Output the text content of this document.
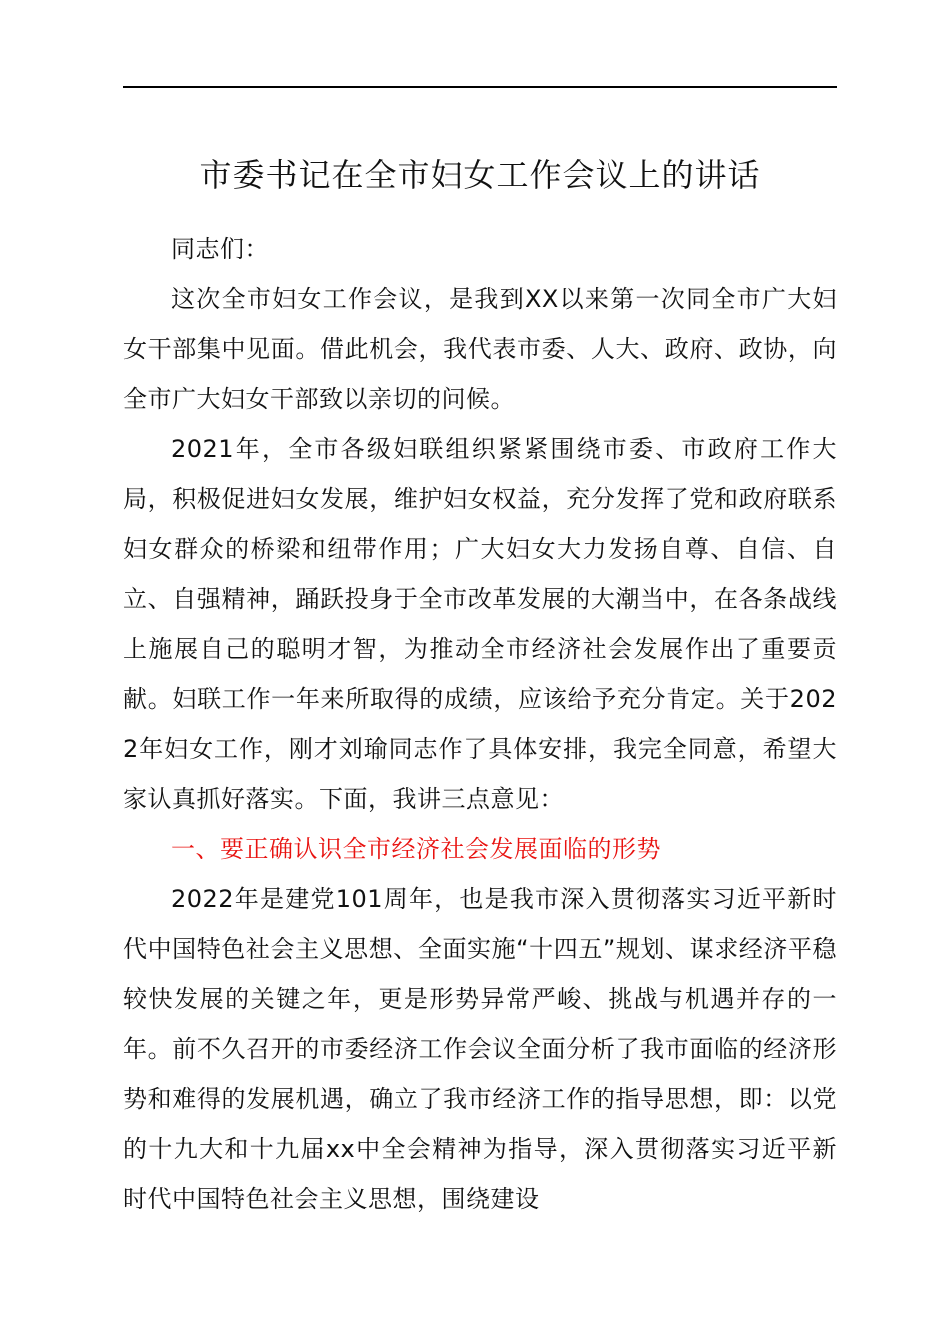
市委书记在全市妇女工作会议上的讲话

同志们：

这次全市妇女工作会议，是我到XX以来第一次同全市广大妇女干部集中见面。借此机会，我代表市委、人大、政府、政协，向全市广大妇女干部致以亲切的问候。

2021年，全市各级妇联组织紧紧围绕市委、市政府工作大局，积极促进妇女发展，维护妇女权益，充分发挥了党和政府联系妇女群众的桥梁和纽带作用；广大妇女大力发扬自尊、自信、自立、自强精神，踊跃投身于全市改革发展的大潮当中，在各条战线上施展自己的聪明才智，为推动全市经济社会发展作出了重要贡献。妇联工作一年来所取得的成绩，应该给予充分肯定。关于2022年妇女工作，刚才刘瑜同志作了具体安排，我完全同意，希望大家认真抓好落实。下面，我讲三点意见：

一、要正确认识全市经济社会发展面临的形势

2022年是建党101周年，也是我市深入贯彻落实习近平新时代中国特色社会主义思想、全面实施“十四五”规划、谋求经济平稳较快发展的关键之年，更是形势异常严峻、挑战与机遇并存的一年。前不久召开的市委经济工作会议全面分析了我市面临的经济形势和难得的发展机遇，确立了我市经济工作的指导思想，即：以党的十九大和十九届xx中全会精神为指导，深入贯彻落实习近平新时代中国特色社会主义思想，围绕建设
